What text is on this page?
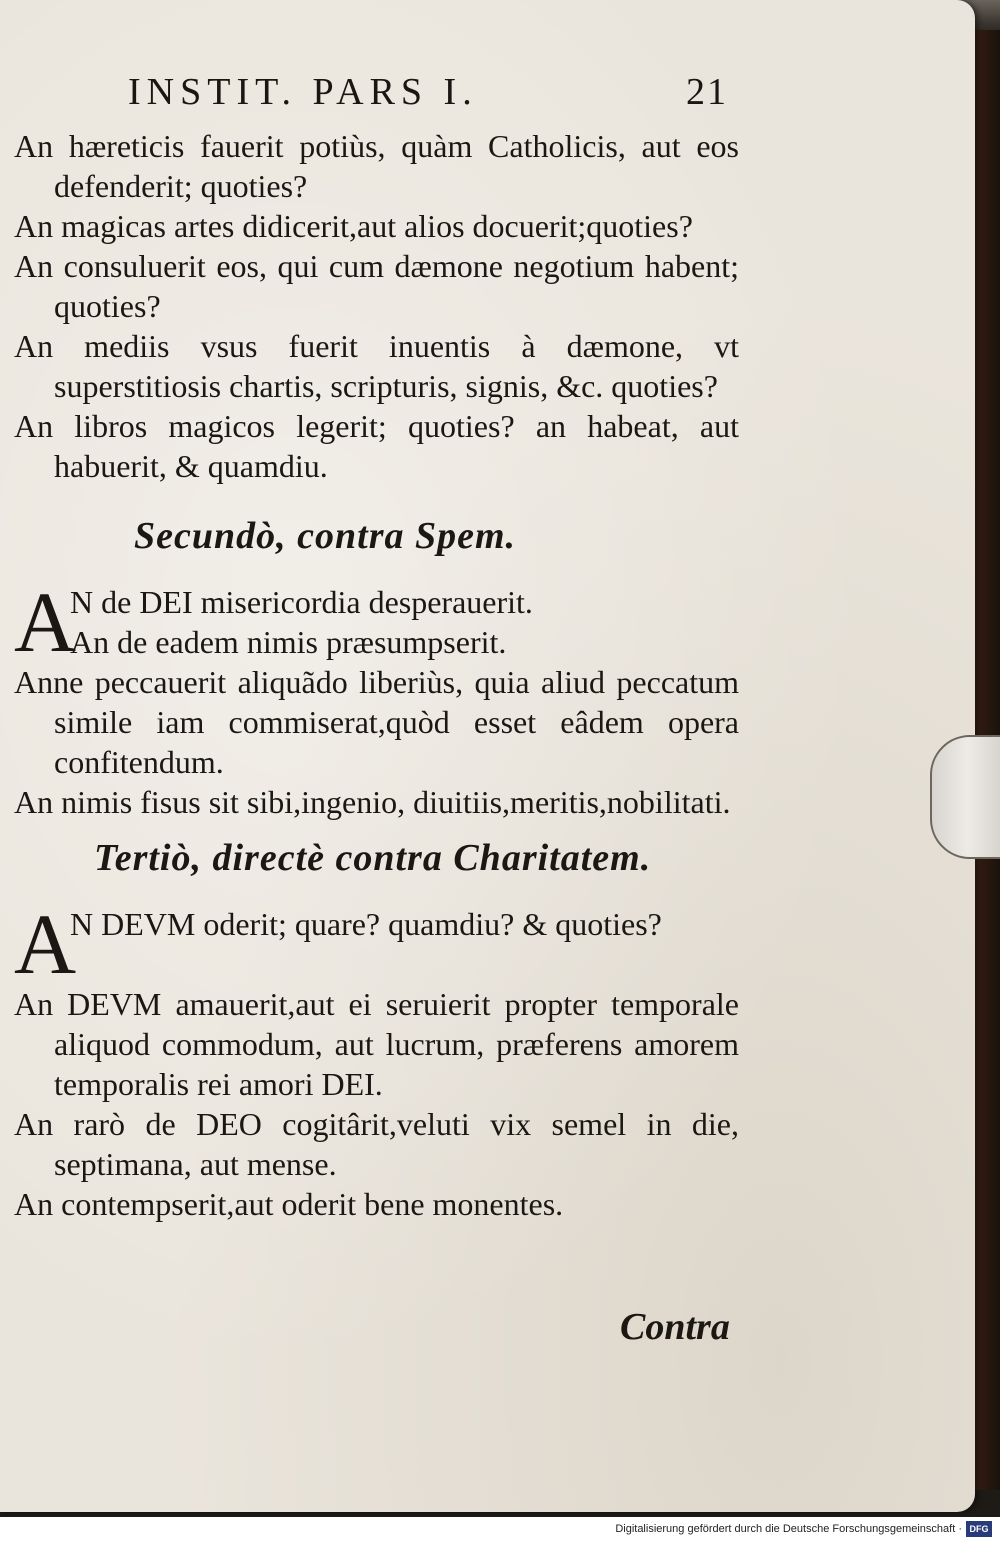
INSTIT. PARS I.	21

An hæreticis fauerit potiùs, quàm Catholicis, aut eos defenderit; quoties?

An magicas artes didicerit,aut alios docuerit;quoties?

An consuluerit eos, qui cum dæmone negotium habent; quoties?

An mediis vsus fuerit inuentis à dæmone, vt superstitiosis chartis, scripturis, signis, &c. quoties?

An libros magicos legerit; quoties? an habeat, aut habuerit, & quamdiu.

Secundò, contra Spem.

A
N de DEI misericordia desperauerit.
An de eadem nimis præsumpserit.

Anne peccauerit aliquãdo liberiùs, quia aliud peccatum simile iam commiserat,quòd esset eâdem opera confitendum.

An nimis fisus sit sibi,ingenio, diuitiis,meritis,nobilitati.

Tertiò, directè contra Charitatem.

A
N DEVM oderit; quare? quamdiu? & quoties?

An DEVM amauerit,aut ei seruierit propter temporale aliquod commodum, aut lucrum, præferens amorem temporalis rei amori DEI.

An rarò de DEO cogitârit,veluti vix semel in die, septimana, aut mense.

An contempserit,aut oderit bene monentes.

Contra
Digitalisierung gefördert durch die Deutsche Forschungsgemeinschaft · DFG
